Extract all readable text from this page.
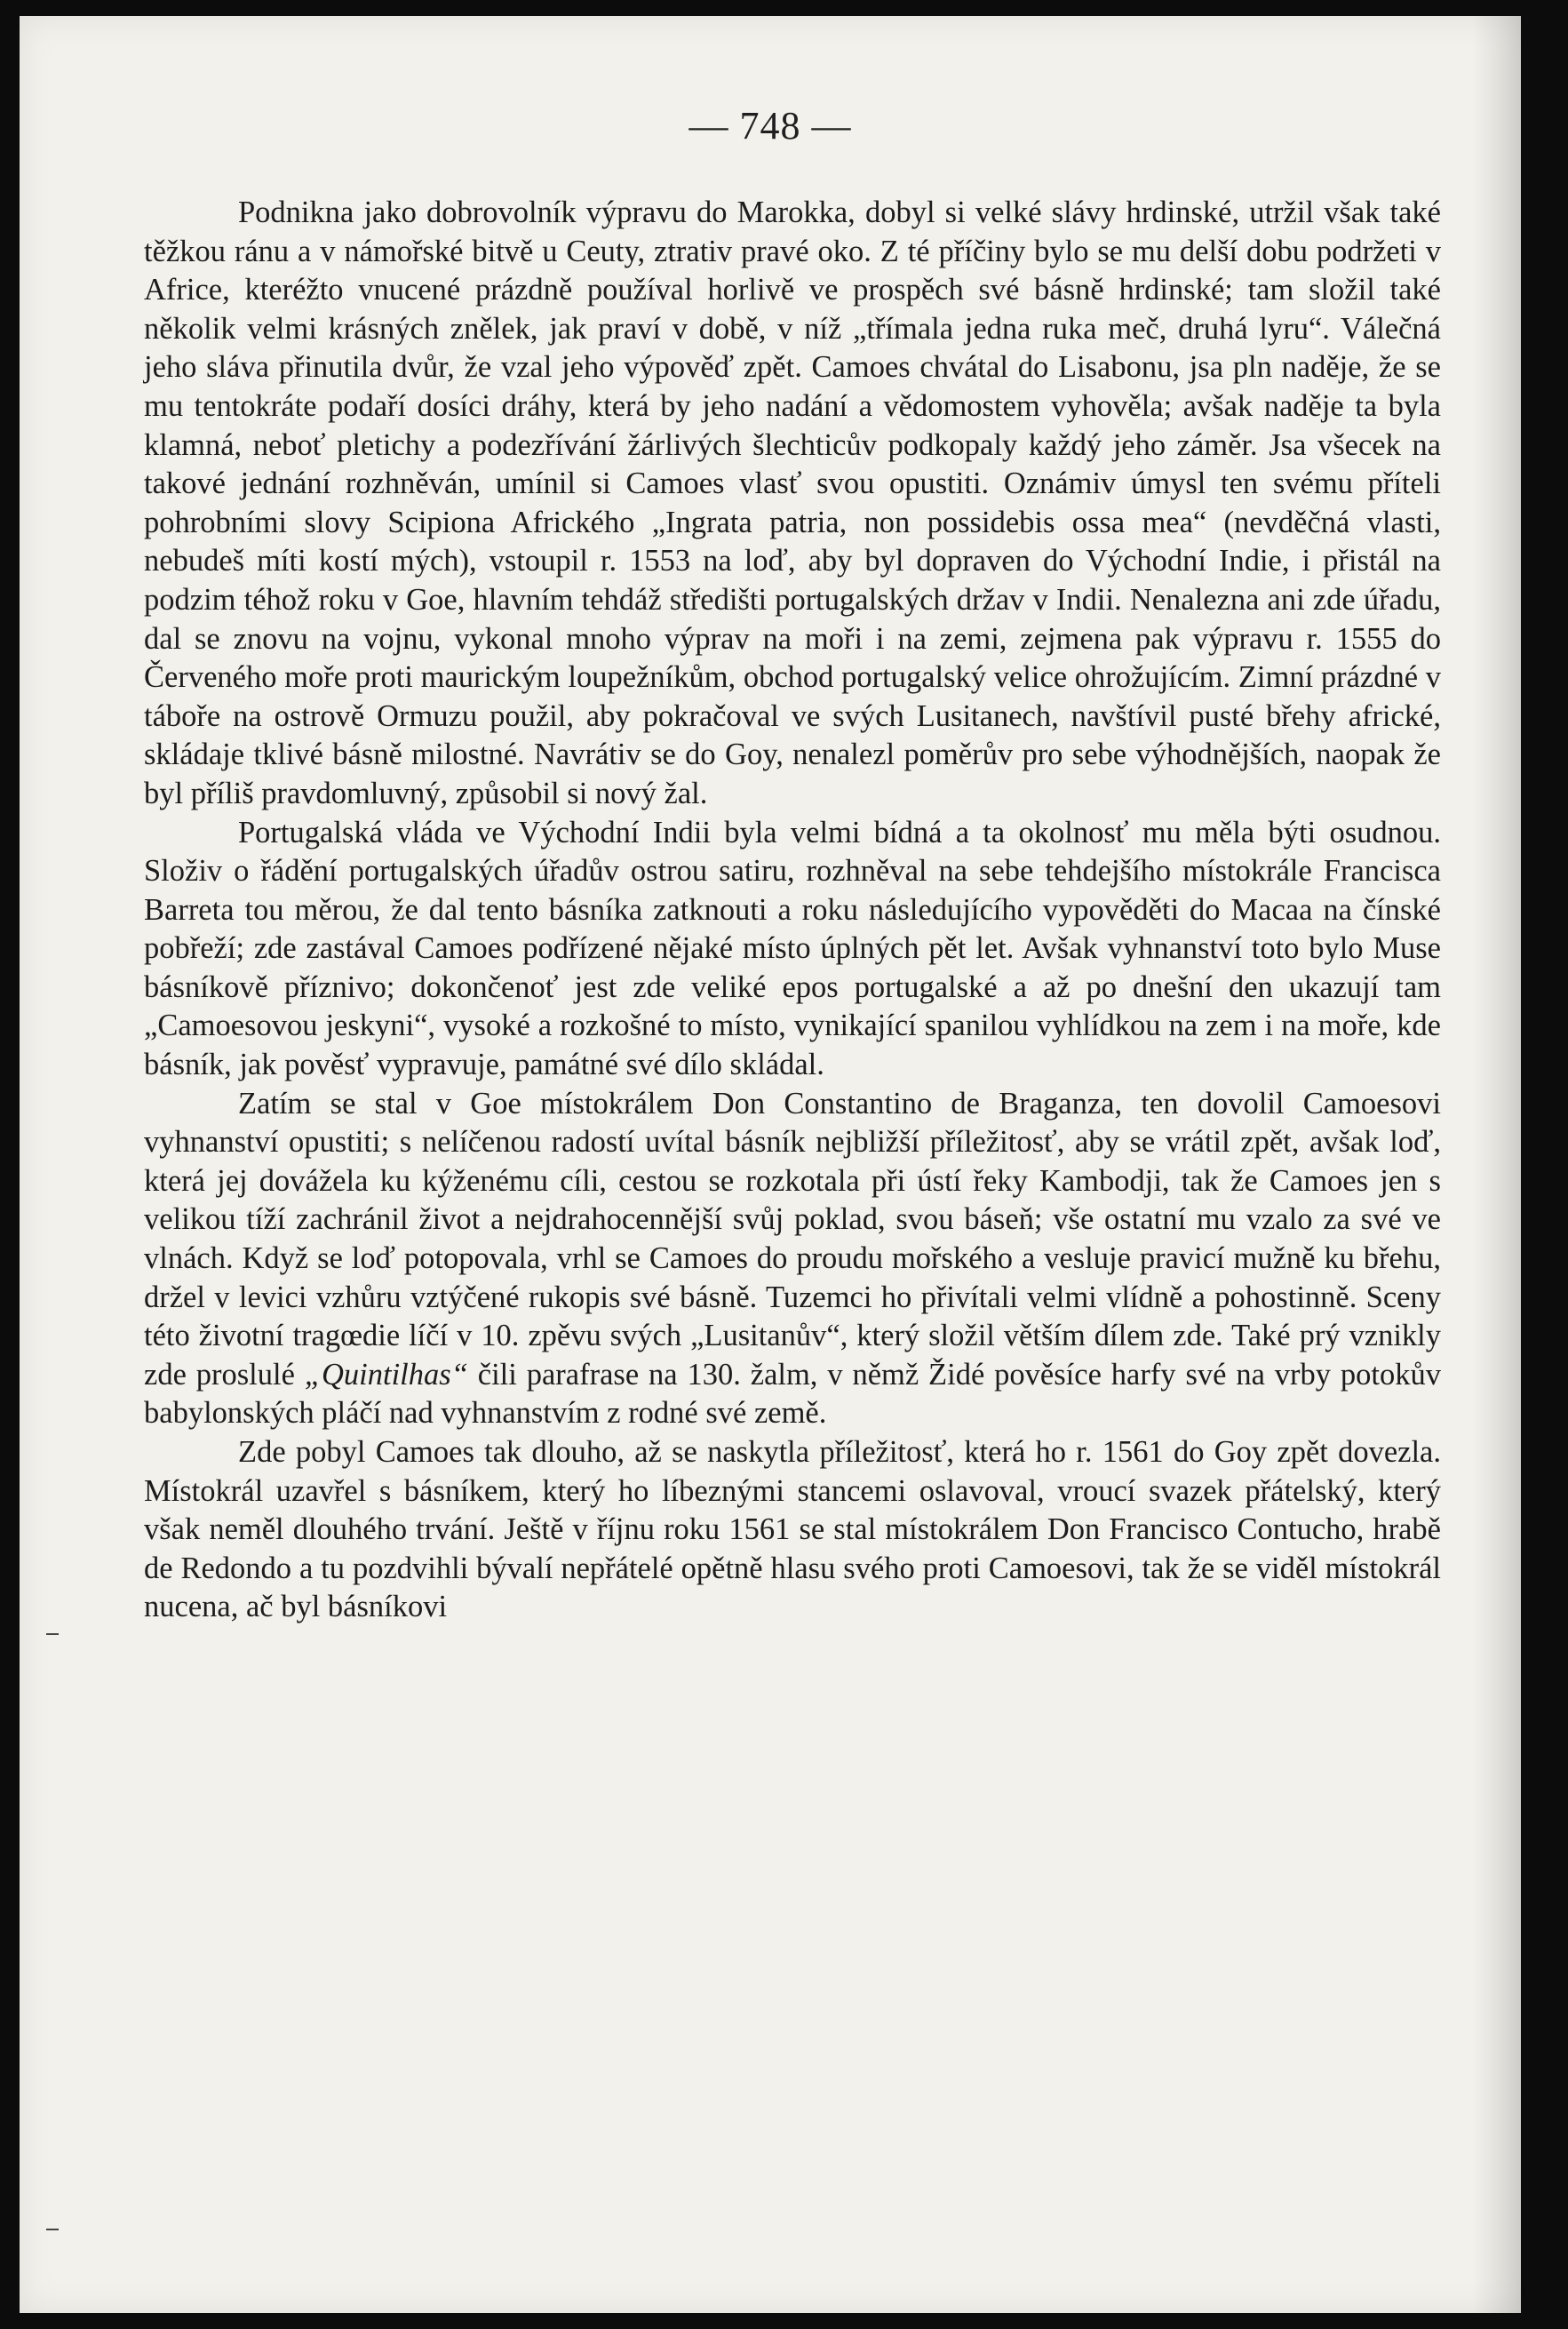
— 748 —

Podnikna jako dobrovolník výpravu do Marokka, dobyl si velké slávy hrdinské, utržil však také těžkou ránu a v námořské bitvě u Ceuty, ztrativ pravé oko. Z té příčiny bylo se mu delší dobu podržeti v Africe, kteréžto vnucené prázdně používal horlivě ve prospěch své básně hrdinské; tam složil také několik velmi krásných znělek, jak praví v době, v níž „třímala jedna ruka meč, druhá lyru“. Válečná jeho sláva přinutila dvůr, že vzal jeho výpověď zpět. Camoes chvátal do Lisabonu, jsa pln naděje, že se mu tentokráte podaří dosíci dráhy, která by jeho nadání a vědomostem vyhověla; avšak naděje ta byla klamná, neboť pletichy a podezřívání žárlivých šlechticův podkopaly každý jeho záměr. Jsa všecek na takové jednání rozhněván, umínil si Camoes vlasť svou opustiti. Oznámiv úmysl ten svému příteli pohrobními slovy Scipiona Afrického „Ingrata patria, non possidebis ossa mea“ (nevděčná vlasti, nebudeš míti kostí mých), vstoupil r. 1553 na loď, aby byl dopraven do Východní Indie, i přistál na podzim téhož roku v Goe, hlavním tehdáž středišti portugalských držav v Indii. Nenalezna ani zde úřadu, dal se znovu na vojnu, vykonal mnoho výprav na moři i na zemi, zejmena pak výpravu r. 1555 do Červeného moře proti maurickým loupežníkům, obchod portugalský velice ohrožujícím. Zimní prázdné v táboře na ostrově Ormuzu použil, aby pokračoval ve svých Lusitanech, navštívil pusté břehy africké, skládaje tklivé básně milostné. Navrátiv se do Goy, nenalezl poměrův pro sebe výhodnějších, naopak že byl příliš pravdomluvný, způsobil si nový žal.

Portugalská vláda ve Východní Indii byla velmi bídná a ta okolnosť mu měla býti osudnou. Složiv o řádění portugalských úřadův ostrou satiru, rozhněval na sebe tehdejšího místokrále Francisca Barreta tou měrou, že dal tento básníka zatknouti a roku následujícího vypověděti do Macaa na čínské pobřeží; zde zastával Camoes podřízené nějaké místo úplných pět let. Avšak vyhnanství toto bylo Muse básníkově příznivo; dokončenoť jest zde veliké epos portugalské a až po dnešní den ukazují tam „Camoesovou jeskyni“, vysoké a rozkošné to místo, vynikající spanilou vyhlídkou na zem i na moře, kde básník, jak pověsť vypravuje, památné své dílo skládal.

Zatím se stal v Goe místokrálem Don Constantino de Braganza, ten dovolil Camoesovi vyhnanství opustiti; s nelíčenou radostí uvítal básník nejbližší příležitosť, aby se vrátil zpět, avšak loď, která jej dovážela ku kýženému cíli, cestou se rozkotala při ústí řeky Kambodji, tak že Camoes jen s velikou tíží zachránil život a nejdrahocennější svůj poklad, svou báseň; vše ostatní mu vzalo za své ve vlnách. Když se loď potopovala, vrhl se Camoes do proudu mořského a vesluje pravicí mužně ku břehu, držel v levici vzhůru vztýčené rukopis své básně. Tuzemci ho přivítali velmi vlídně a pohostinně. Sceny této životní tragœdie líčí v 10. zpěvu svých „Lusitanův“, který složil větším dílem zde. Také prý vznikly zde proslulé „Quintilhas“ čili parafrase na 130. žalm, v němž Židé pověsíce harfy své na vrby potokův babylonských pláčí nad vyhnanstvím z rodné své země.

Zde pobyl Camoes tak dlouho, až se naskytla příležitosť, která ho r. 1561 do Goy zpět dovezla. Místokrál uzavřel s básníkem, který ho líbeznými stancemi oslavoval, vroucí svazek přátelský, který však neměl dlouhého trvání. Ještě v říjnu roku 1561 se stal místokrálem Don Francisco Contucho, hrabě de Redondo a tu pozdvihli bývalí nepřátelé opětně hlasu svého proti Camoesovi, tak že se viděl místokrál nucena, ač byl básníkovi
